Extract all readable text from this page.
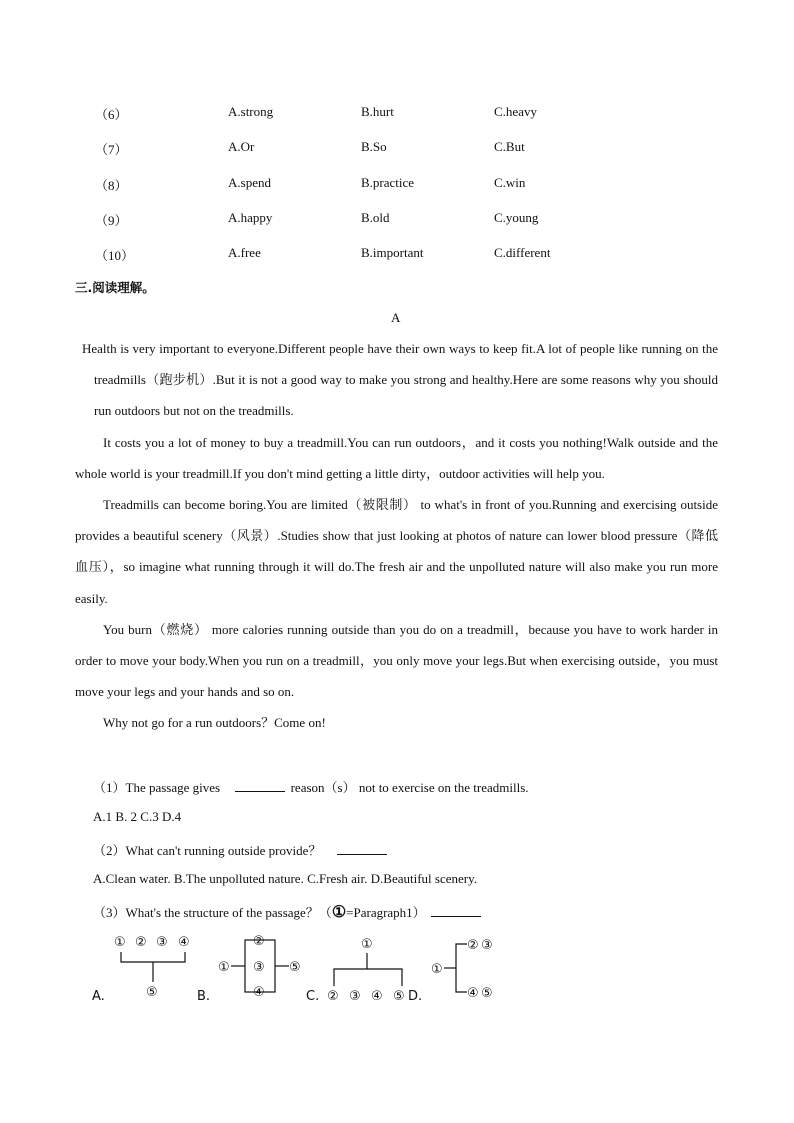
（6）	A.strong	B.hurt	C.heavy
（7）	A.Or	B.So	C.But
（8）	A.spend	B.practice	C.win
（9）	A.happy	B.old	C.young
（10）	A.free	B.important	C.different
三.阅读理解。
A

Health is very important to everyone.Different people have their own ways to keep fit.A lot of people like running on the treadmills（跑步机）.But it is not a good way to make you strong and healthy.Here are some reasons why you should run outdoors but not on the treadmills.

It costs you a lot of money to buy a treadmill.You can run outdoors，and it costs you nothing!Walk outside and the whole world is your treadmill.If you don't mind getting a little dirty，outdoor activities will help you.

Treadmills can become boring.You are limited（被限制） to what's in front of you.Running and exercising outside provides a beautiful scenery（风景）.Studies show that just looking at photos of nature can lower blood pressure（降低血压），so imagine what running through it will do.The fresh air and the unpolluted nature will also make you run more easily.

You burn（燃烧） more calories running outside than you do on a treadmill，because you have to work harder in order to move your body.When you run on a treadmill，you only move your legs.But when exercising outside，you must move your legs and your hands and so on.

Why not go for a run outdoors？Come on!

（1）The passage gives	reason（s） not to exercise on the treadmills.
A.1 B. 2 C.3 D.4
（2）What can't running outside provide？
A.Clean water. B.The unpolluted nature. C.Fresh air. D.Beautiful scenery.
（3）What's the structure of the passage？（①=Paragraph1）
A.
① ② ③ ④
⑤	B.
①
②
③
④
⑤
C.
①
② ③ ④ ⑤ D.
①
② ③
④ ⑤
